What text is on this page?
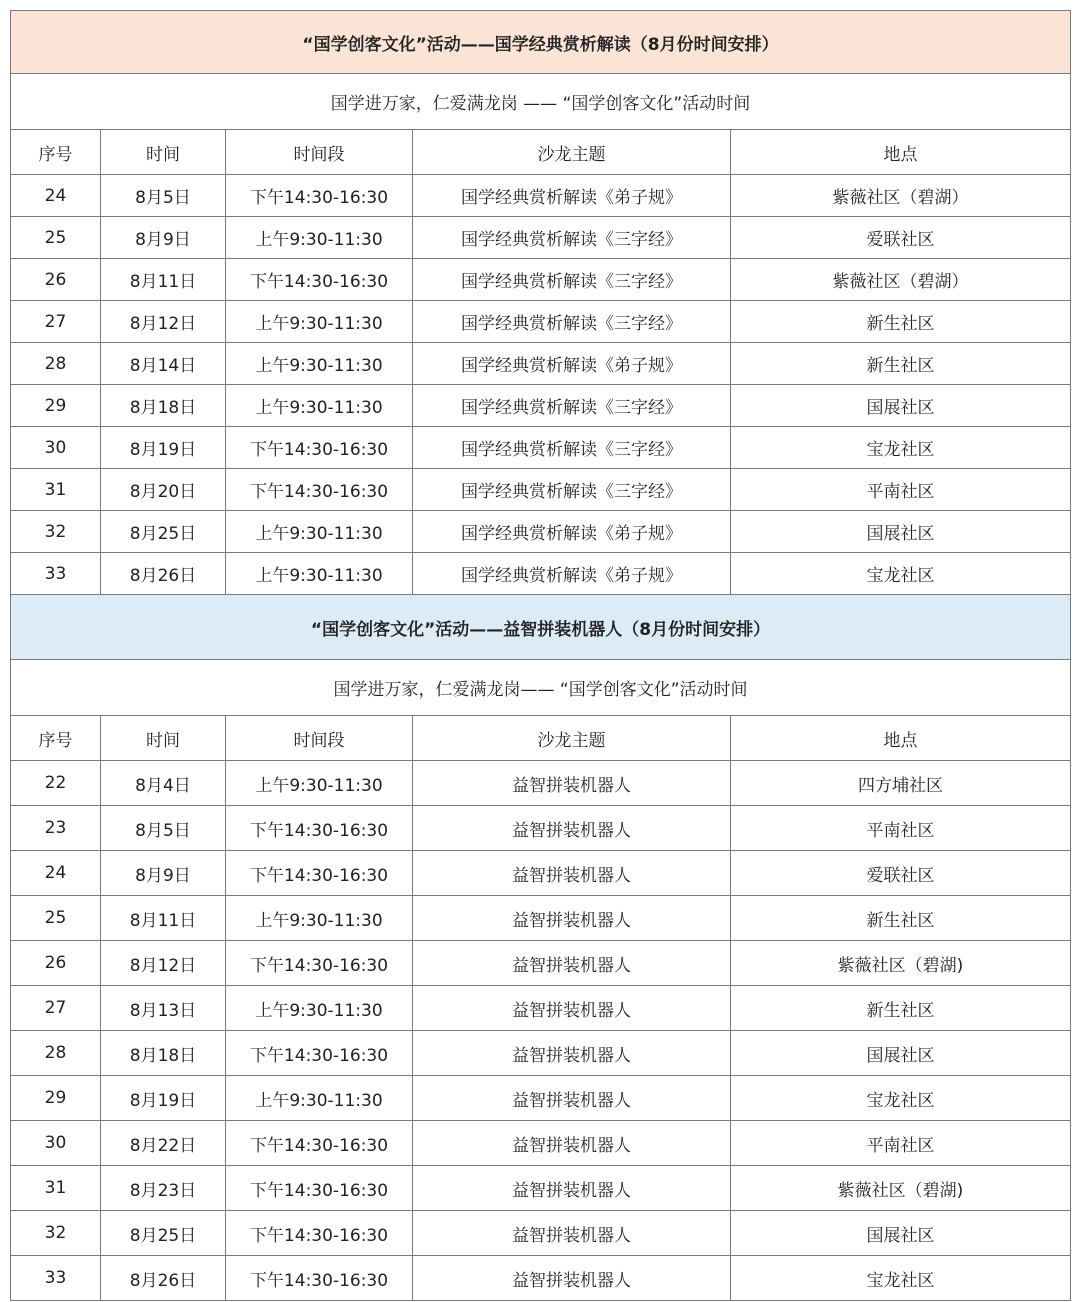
“国学创客文化”活动——国学经典赏析解读（8月份时间安排）				
国学进万家，仁爱满龙岗 —— “国学创客文化”活动时间				
序号	时间	时间段	沙龙主题	地点
24	8月5日	下午14:30-16:30	国学经典赏析解读《弟子规》	紫薇社区（碧湖）
25	8月9日	上午9:30-11:30	国学经典赏析解读《三字经》	爱联社区
26	8月11日	下午14:30-16:30	国学经典赏析解读《三字经》	紫薇社区（碧湖）
27	8月12日	上午9:30-11:30	国学经典赏析解读《三字经》	新生社区
28	8月14日	上午9:30-11:30	国学经典赏析解读《弟子规》	新生社区
29	8月18日	上午9:30-11:30	国学经典赏析解读《三字经》	国展社区
30	8月19日	下午14:30-16:30	国学经典赏析解读《三字经》	宝龙社区
31	8月20日	下午14:30-16:30	国学经典赏析解读《三字经》	平南社区
32	8月25日	上午9:30-11:30	国学经典赏析解读《弟子规》	国展社区
33	8月26日	上午9:30-11:30	国学经典赏析解读《弟子规》	宝龙社区
“国学创客文化”活动——益智拼装机器人（8月份时间安排）				
国学进万家，仁爱满龙岗—— “国学创客文化”活动时间				
序号	时间	时间段	沙龙主题	地点
22	8月4日	上午9:30-11:30	益智拼装机器人	四方埔社区
23	8月5日	下午14:30-16:30	益智拼装机器人	平南社区
24	8月9日	下午14:30-16:30	益智拼装机器人	爱联社区
25	8月11日	上午9:30-11:30	益智拼装机器人	新生社区
26	8月12日	下午14:30-16:30	益智拼装机器人	紫薇社区（碧湖)
27	8月13日	上午9:30-11:30	益智拼装机器人	新生社区
28	8月18日	下午14:30-16:30	益智拼装机器人	国展社区
29	8月19日	上午9:30-11:30	益智拼装机器人	宝龙社区
30	8月22日	下午14:30-16:30	益智拼装机器人	平南社区
31	8月23日	下午14:30-16:30	益智拼装机器人	紫薇社区（碧湖)
32	8月25日	下午14:30-16:30	益智拼装机器人	国展社区
33	8月26日	下午14:30-16:30	益智拼装机器人	宝龙社区
